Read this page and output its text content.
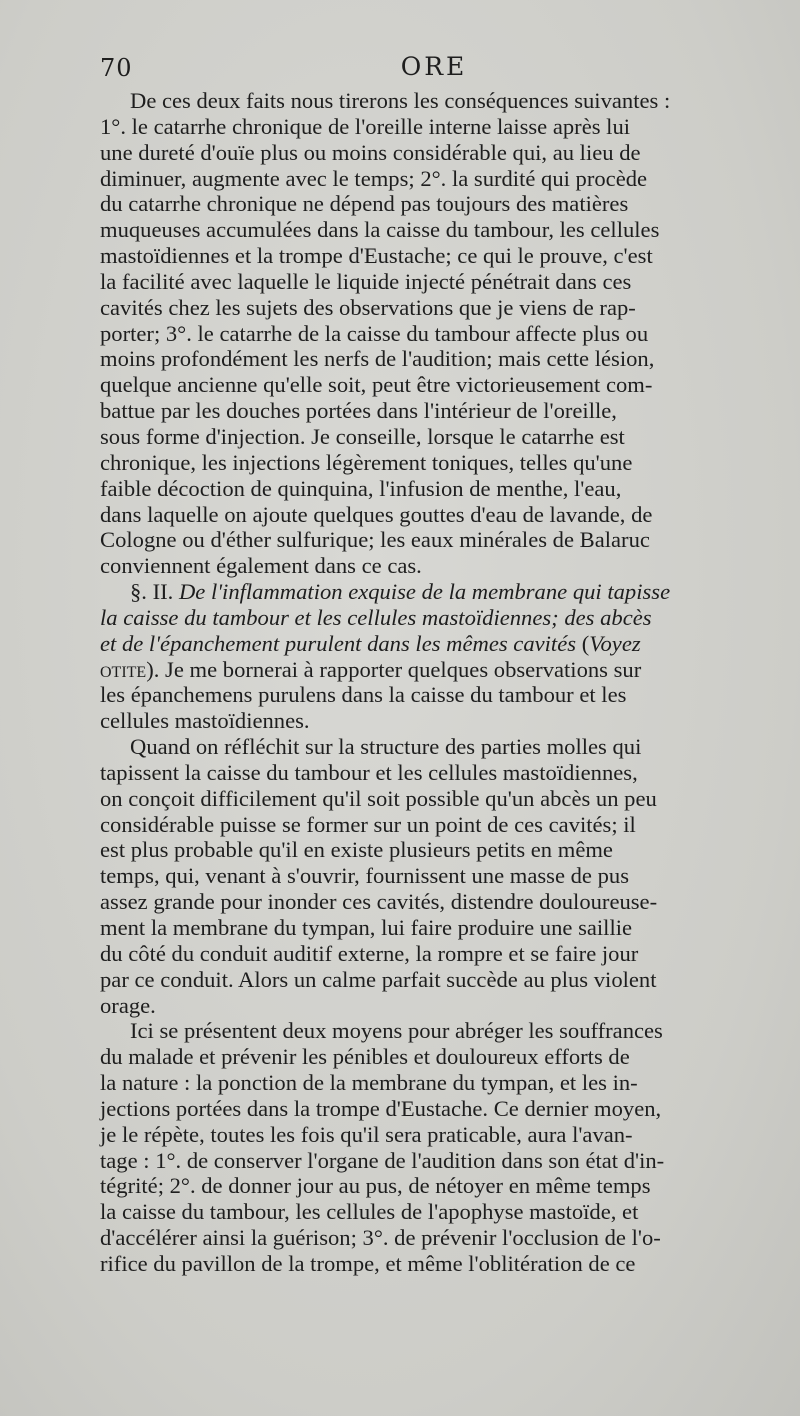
70	ORE

De ces deux faits nous tirerons les conséquences suivantes :
1°. le catarrhe chronique de l'oreille interne laisse après lui
une dureté d'ouïe plus ou moins considérable qui, au lieu de
diminuer, augmente avec le temps; 2°. la surdité qui procède
du catarrhe chronique ne dépend pas toujours des matières
muqueuses accumulées dans la caisse du tambour, les cellules
mastoïdiennes et la trompe d'Eustache; ce qui le prouve, c'est
la facilité avec laquelle le liquide injecté pénétrait dans ces
cavités chez les sujets des observations que je viens de rap-
porter; 3°. le catarrhe de la caisse du tambour affecte plus ou
moins profondément les nerfs de l'audition; mais cette lésion,
quelque ancienne qu'elle soit, peut être victorieusement com-
battue par les douches portées dans l'intérieur de l'oreille,
sous forme d'injection. Je conseille, lorsque le catarrhe est
chronique, les injections légèrement toniques, telles qu'une
faible décoction de quinquina, l'infusion de menthe, l'eau,
dans laquelle on ajoute quelques gouttes d'eau de lavande, de
Cologne ou d'éther sulfurique; les eaux minérales de Balaruc
conviennent également dans ce cas.

§. II. De l'inflammation exquise de la membrane qui tapisse
la caisse du tambour et les cellules mastoïdiennes; des abcès
et de l'épanchement purulent dans les mêmes cavités (Voyez
otite). Je me bornerai à rapporter quelques observations sur
les épanchemens purulens dans la caisse du tambour et les
cellules mastoïdiennes.

Quand on réfléchit sur la structure des parties molles qui
tapissent la caisse du tambour et les cellules mastoïdiennes,
on conçoit difficilement qu'il soit possible qu'un abcès un peu
considérable puisse se former sur un point de ces cavités; il
est plus probable qu'il en existe plusieurs petits en même
temps, qui, venant à s'ouvrir, fournissent une masse de pus
assez grande pour inonder ces cavités, distendre douloureuse-
ment la membrane du tympan, lui faire produire une saillie
du côté du conduit auditif externe, la rompre et se faire jour
par ce conduit. Alors un calme parfait succède au plus violent
orage.

Ici se présentent deux moyens pour abréger les souffrances
du malade et prévenir les pénibles et douloureux efforts de
la nature : la ponction de la membrane du tympan, et les in-
jections portées dans la trompe d'Eustache. Ce dernier moyen,
je le répète, toutes les fois qu'il sera praticable, aura l'avan-
tage : 1°. de conserver l'organe de l'audition dans son état d'in-
tégrité; 2°. de donner jour au pus, de nétoyer en même temps
la caisse du tambour, les cellules de l'apophyse mastoïde, et
d'accélérer ainsi la guérison; 3°. de prévenir l'occlusion de l'o-
rifice du pavillon de la trompe, et même l'oblitération de ce
